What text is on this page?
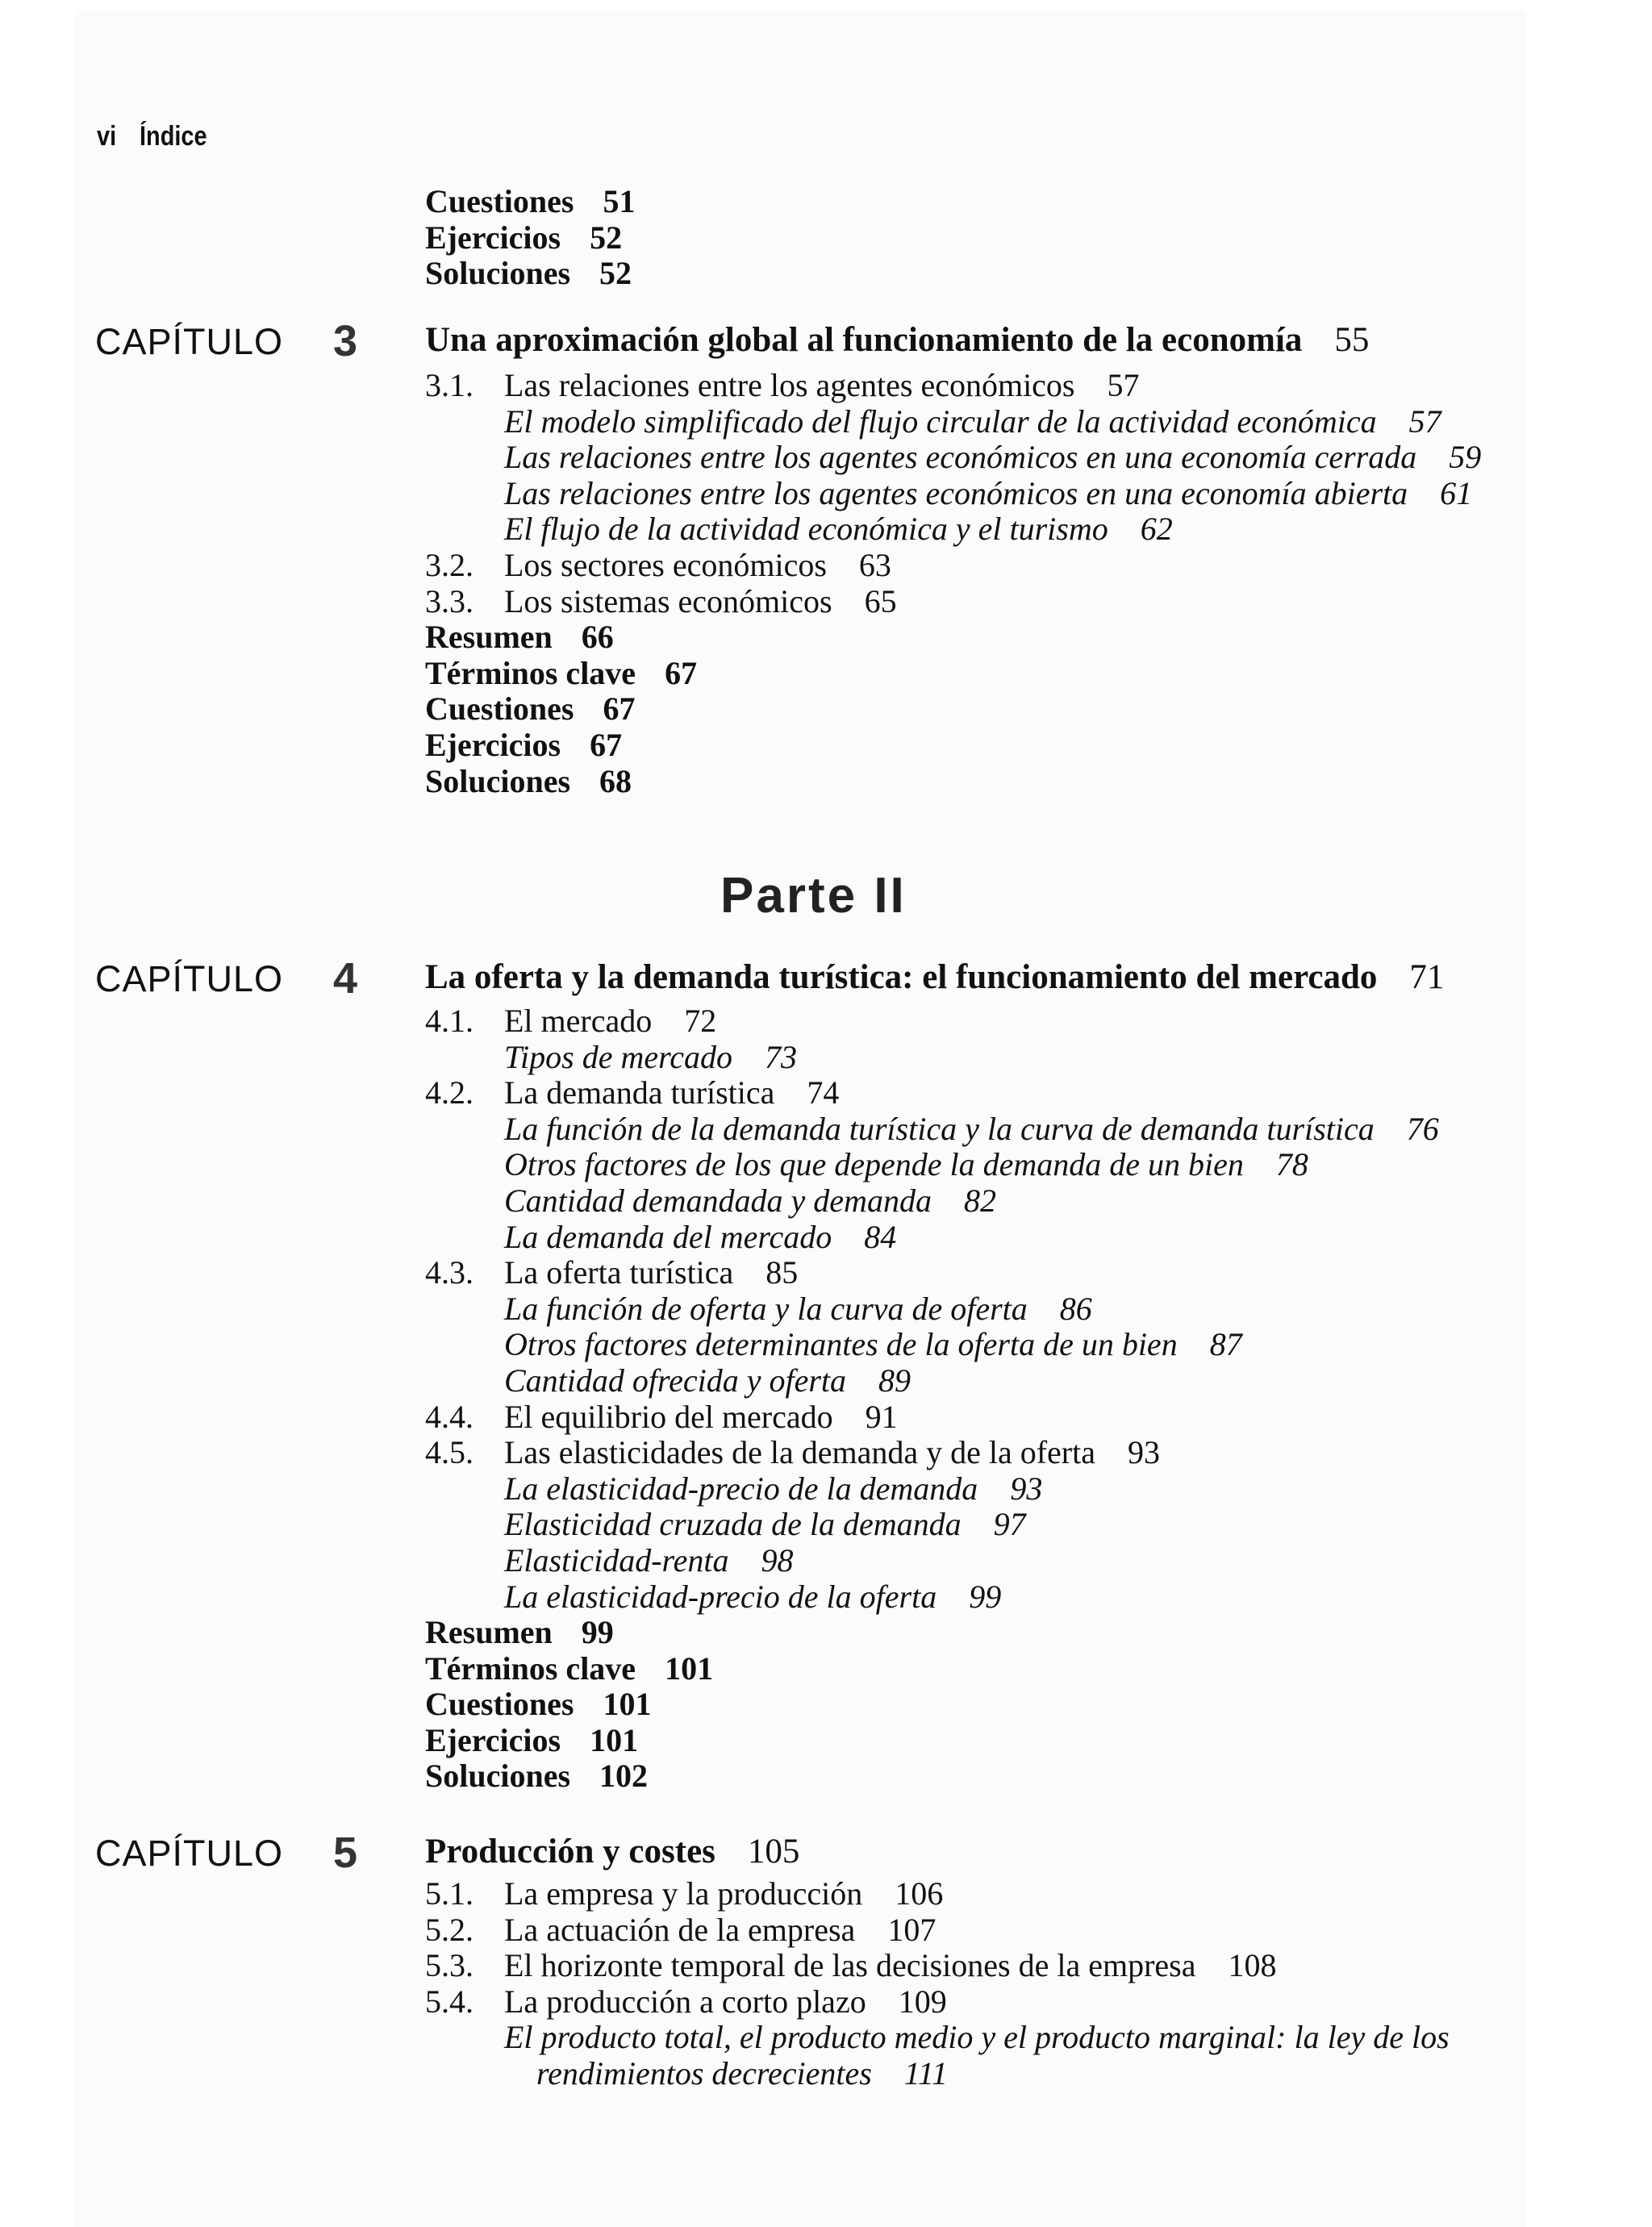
vi Índice
Cuestiones 51
Ejercicios 52
Soluciones 52
CAPÍTULO 3 Una aproximación global al funcionamiento de la economía 55
3.1. Las relaciones entre los agentes económicos 57
El modelo simplificado del flujo circular de la actividad económica 57
Las relaciones entre los agentes económicos en una economía cerrada 59
Las relaciones entre los agentes económicos en una economía abierta 61
El flujo de la actividad económica y el turismo 62
3.2. Los sectores económicos 63
3.3. Los sistemas económicos 65
Resumen 66
Términos clave 67
Cuestiones 67
Ejercicios 67
Soluciones 68
Parte II
CAPÍTULO 4 La oferta y la demanda turística: el funcionamiento del mercado 71
4.1. El mercado 72
Tipos de mercado 73
4.2. La demanda turística 74
La función de la demanda turística y la curva de demanda turística 76
Otros factores de los que depende la demanda de un bien 78
Cantidad demandada y demanda 82
La demanda del mercado 84
4.3. La oferta turística 85
La función de oferta y la curva de oferta 86
Otros factores determinantes de la oferta de un bien 87
Cantidad ofrecida y oferta 89
4.4. El equilibrio del mercado 91
4.5. Las elasticidades de la demanda y de la oferta 93
La elasticidad-precio de la demanda 93
Elasticidad cruzada de la demanda 97
Elasticidad-renta 98
La elasticidad-precio de la oferta 99
Resumen 99
Términos clave 101
Cuestiones 101
Ejercicios 101
Soluciones 102
CAPÍTULO 5 Producción y costes 105
5.1. La empresa y la producción 106
5.2. La actuación de la empresa 107
5.3. El horizonte temporal de las decisiones de la empresa 108
5.4. La producción a corto plazo 109
El producto total, el producto medio y el producto marginal: la ley de los
rendimientos decrecientes 111
